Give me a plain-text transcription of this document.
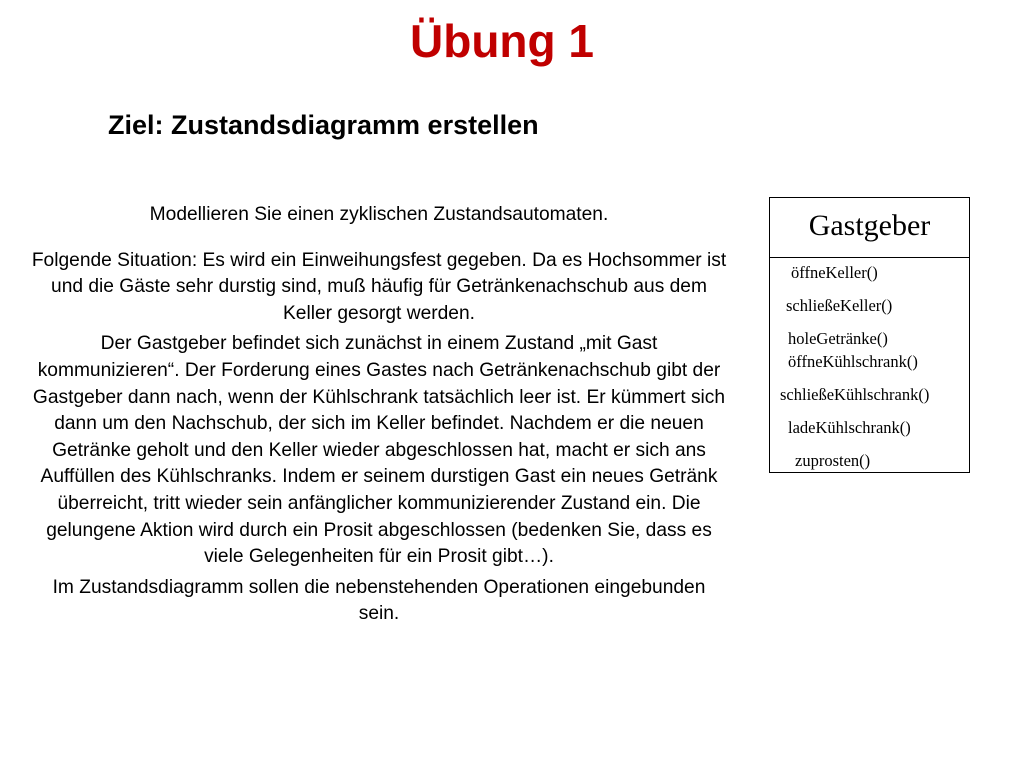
Übung 1
Ziel: Zustandsdiagramm erstellen

Modellieren Sie einen zyklischen Zustandsautomaten.

Folgende Situation: Es wird ein Einweihungsfest gegeben. Da es Hochsommer ist und die Gäste sehr durstig sind, muß häufig für Getränkenachschub aus dem Keller gesorgt werden.

Der Gastgeber befindet sich zunächst in einem Zustand „mit Gast kommunizieren“. Der Forderung eines Gastes nach Getränkenachschub gibt der Gastgeber dann nach, wenn der Kühlschrank tatsächlich leer ist. Er kümmert sich dann um den Nachschub, der sich im Keller befindet. Nachdem er die neuen Getränke geholt und den Keller wieder abgeschlossen hat, macht er sich ans Auffüllen des Kühlschranks. Indem er seinem durstigen Gast ein neues Getränk überreicht, tritt wieder sein anfänglicher kommunizierender Zustand ein. Die gelungene Aktion wird durch ein Prosit abgeschlossen (bedenken Sie, dass es viele Gelegenheiten für ein Prosit gibt…).

Im Zustandsdiagramm sollen die nebenstehenden Operationen eingebunden sein.

Gastgeber
öffneKeller()
schließeKeller()
holeGetränke()
öffneKühlschrank()
schließeKühlschrank()
ladeKühlschrank()
zuprosten()
